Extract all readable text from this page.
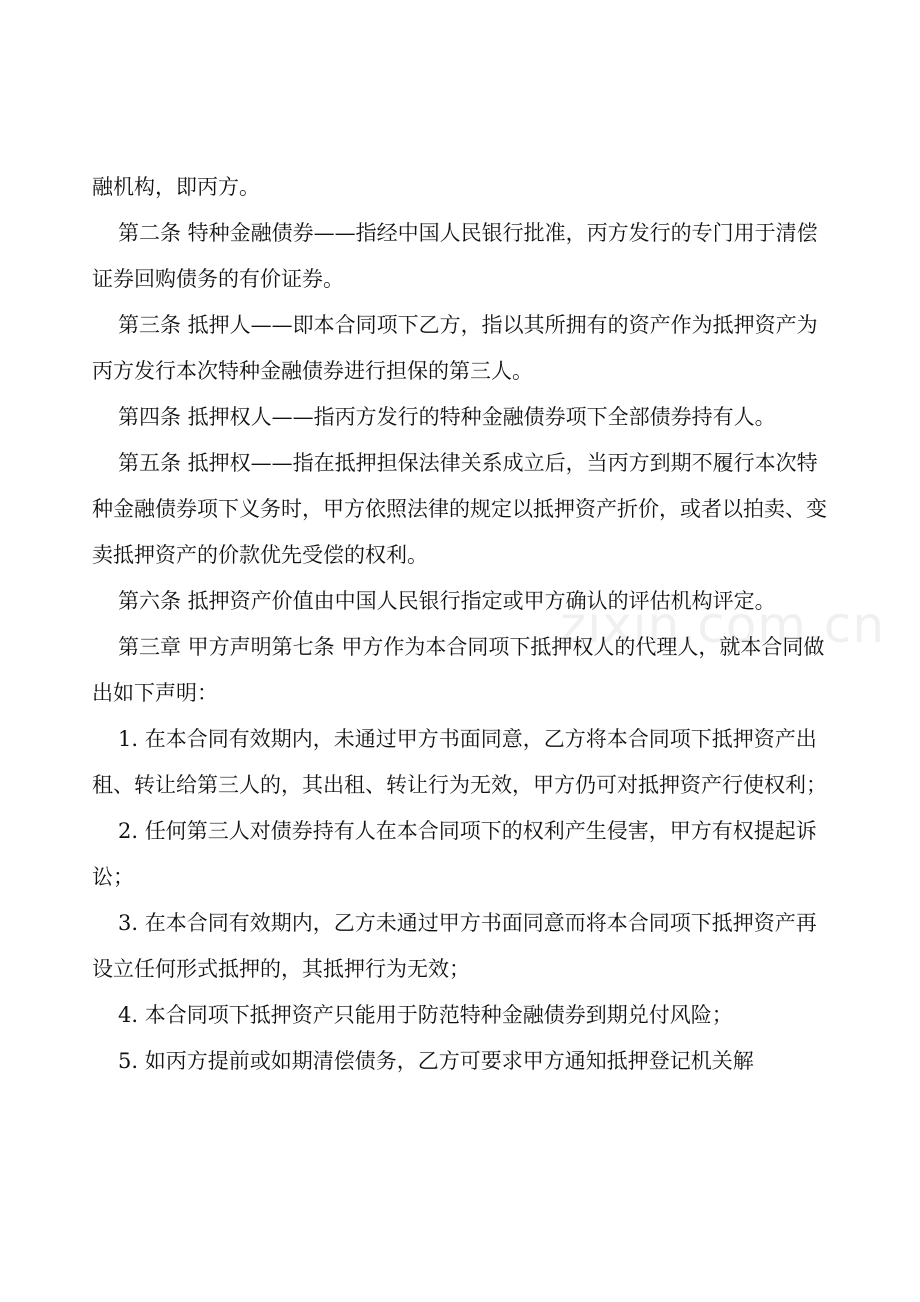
融机构，即丙方。

第二条 特种金融债券——指经中国人民银行批准，丙方发行的专门用于清偿证券回购债务的有价证券。

第三条 抵押人——即本合同项下乙方，指以其所拥有的资产作为抵押资产为丙方发行本次特种金融债券进行担保的第三人。

第四条 抵押权人——指丙方发行的特种金融债券项下全部债券持有人。

第五条 抵押权——指在抵押担保法律关系成立后，当丙方到期不履行本次特种金融债券项下义务时，甲方依照法律的规定以抵押资产折价，或者以拍卖、变卖抵押资产的价款优先受偿的权利。

第六条 抵押资产价值由中国人民银行指定或甲方确认的评估机构评定。

第三章 甲方声明第七条 甲方作为本合同项下抵押权人的代理人，就本合同做出如下声明：

1. 在本合同有效期内，未通过甲方书面同意，乙方将本合同项下抵押资产出租、转让给第三人的，其出租、转让行为无效，甲方仍可对抵押资产行使权利；

2. 任何第三人对债券持有人在本合同项下的权利产生侵害，甲方有权提起诉讼；

3. 在本合同有效期内，乙方未通过甲方书面同意而将本合同项下抵押资产再设立任何形式抵押的，其抵押行为无效；

4. 本合同项下抵押资产只能用于防范特种金融债券到期兑付风险；

5. 如丙方提前或如期清偿债务，乙方可要求甲方通知抵押登记机关解

zixin.com.cn
